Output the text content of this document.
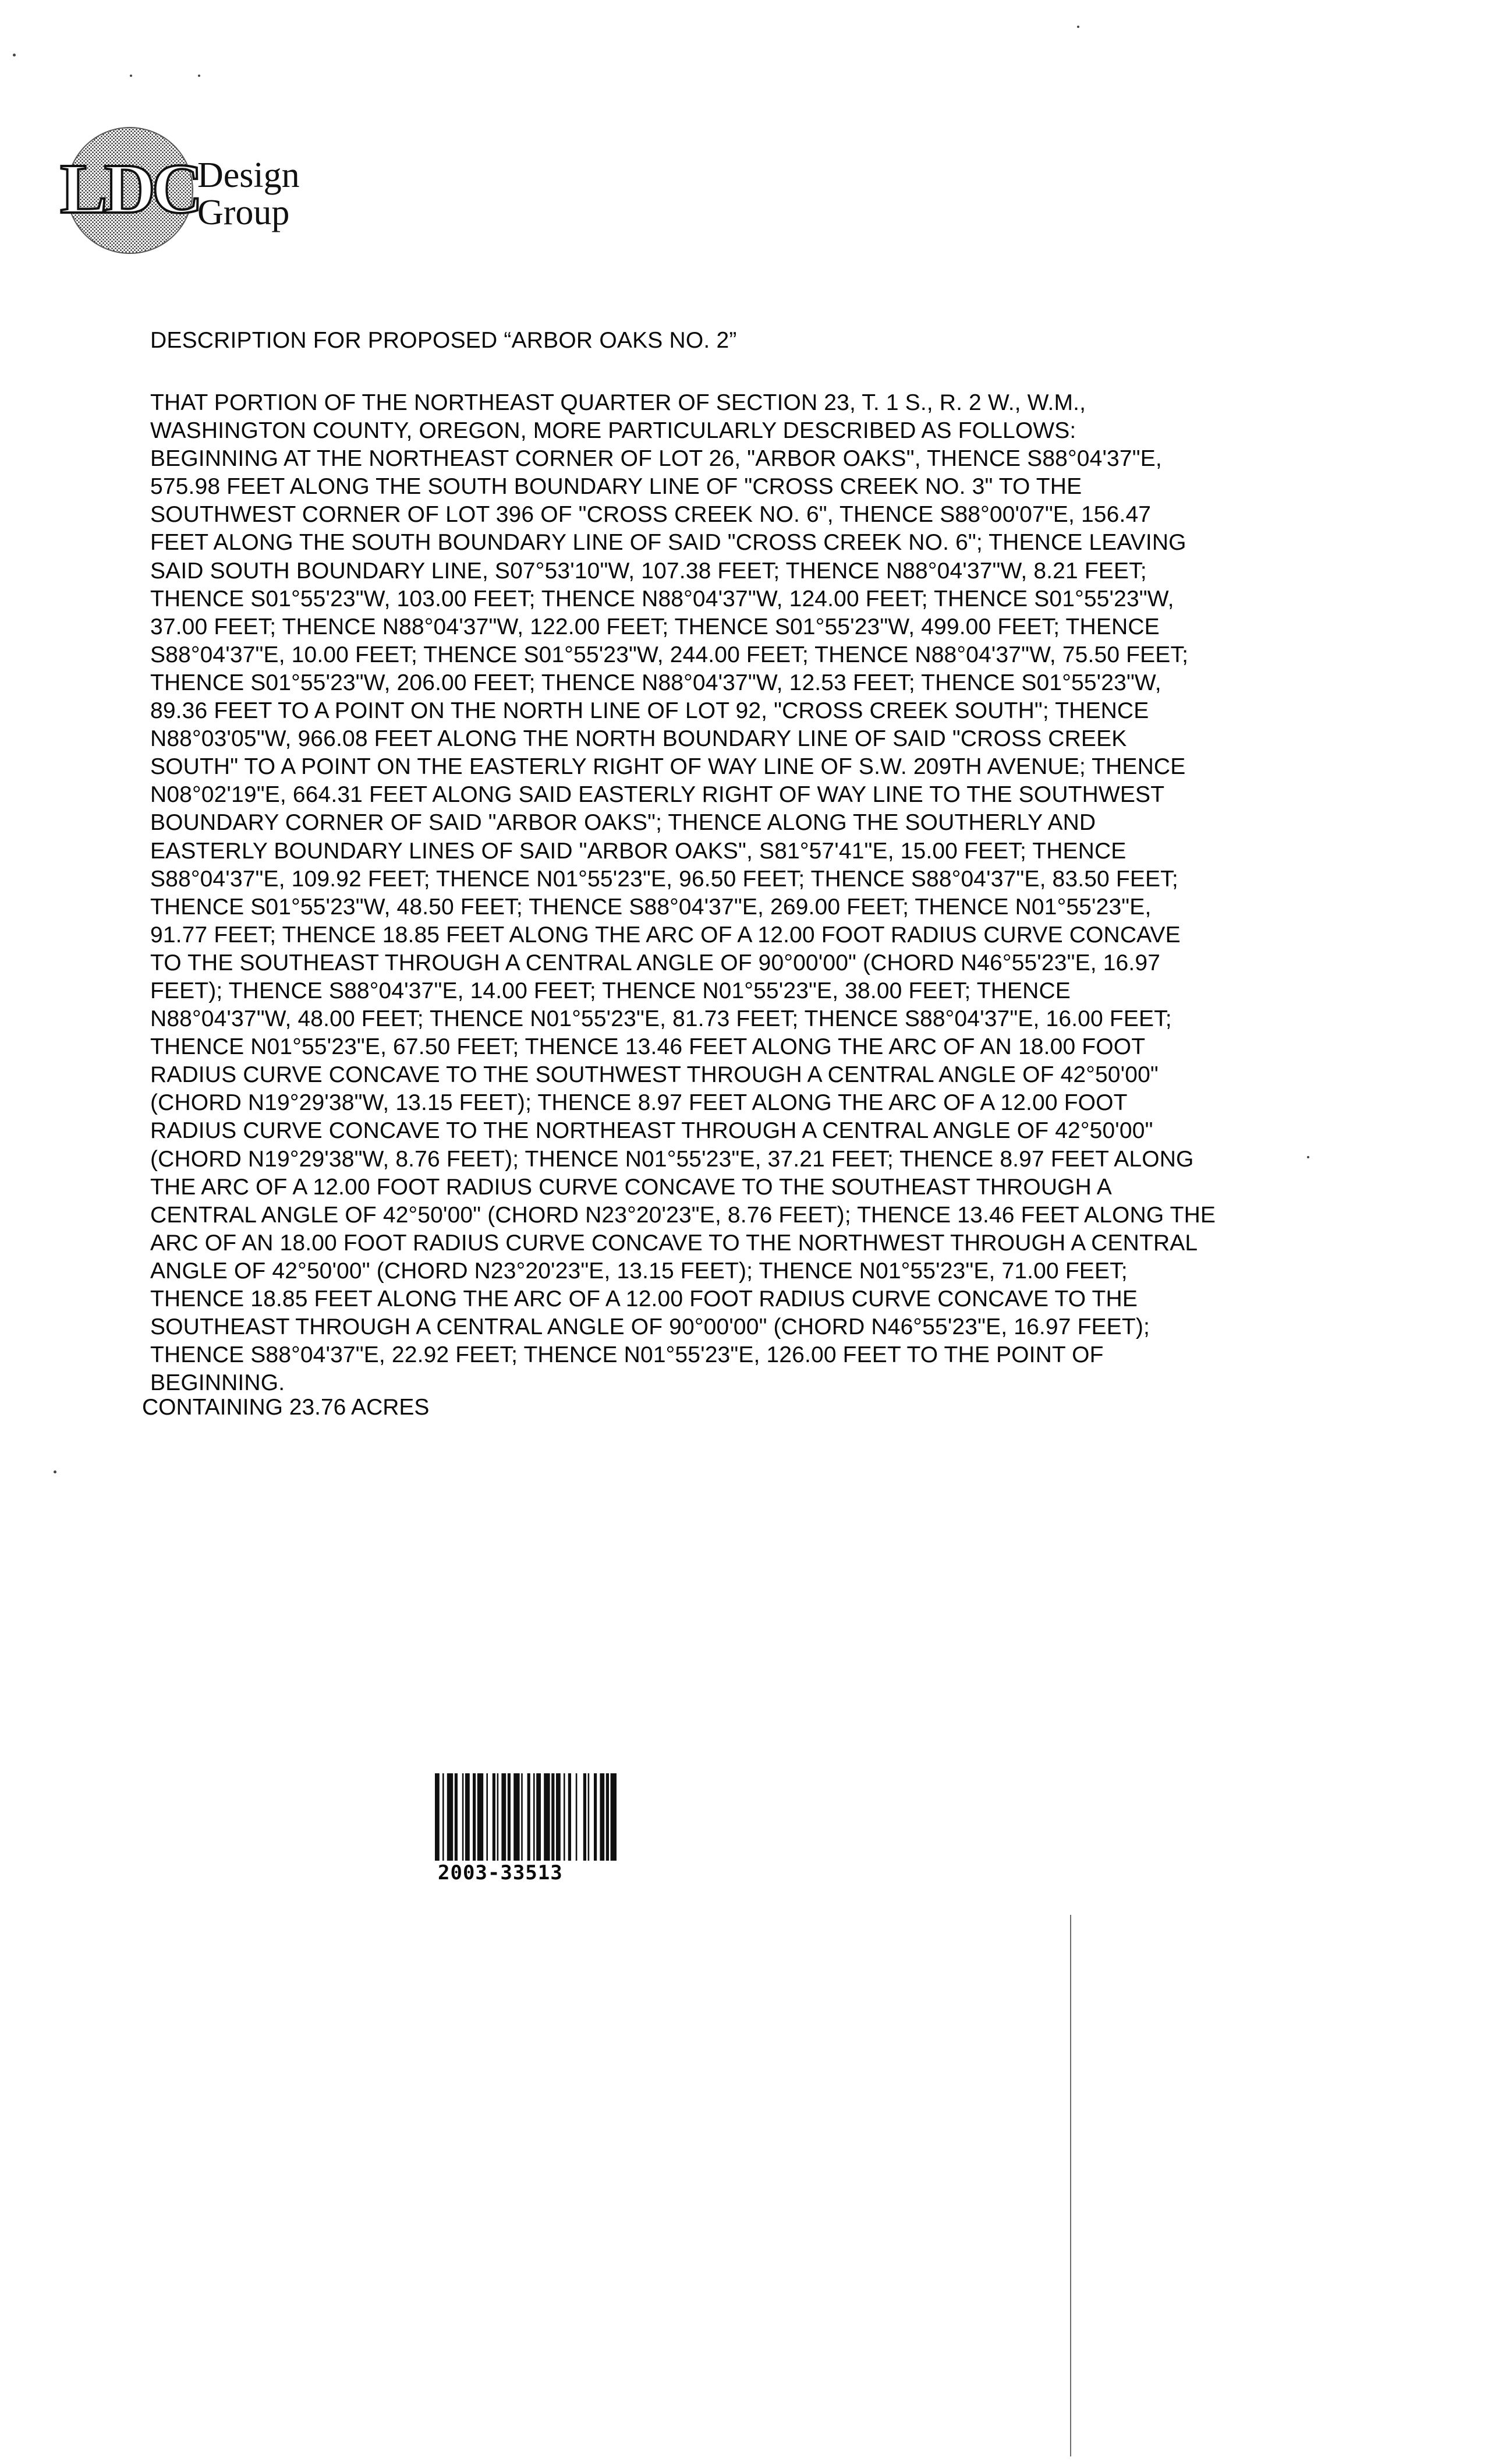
LDC
Design
Group
DESCRIPTION FOR PROPOSED “ARBOR OAKS NO. 2”
THAT PORTION OF THE NORTHEAST QUARTER OF SECTION 23, T. 1 S., R. 2 W., W.M.,
WASHINGTON COUNTY, OREGON, MORE PARTICULARLY DESCRIBED AS FOLLOWS:
BEGINNING AT THE NORTHEAST CORNER OF LOT 26, "ARBOR OAKS", THENCE S88°04'37"E,
575.98 FEET ALONG THE SOUTH BOUNDARY LINE OF "CROSS CREEK NO. 3" TO THE
SOUTHWEST CORNER OF LOT 396 OF "CROSS CREEK NO. 6", THENCE S88°00'07"E, 156.47
FEET ALONG THE SOUTH BOUNDARY LINE OF SAID "CROSS CREEK NO. 6"; THENCE LEAVING
SAID SOUTH BOUNDARY LINE, S07°53'10"W, 107.38 FEET; THENCE N88°04'37"W, 8.21 FEET;
THENCE S01°55'23"W, 103.00 FEET; THENCE N88°04'37"W, 124.00 FEET; THENCE S01°55'23"W,
37.00 FEET; THENCE N88°04'37"W, 122.00 FEET; THENCE S01°55'23"W, 499.00 FEET; THENCE
S88°04'37"E, 10.00 FEET; THENCE S01°55'23"W, 244.00 FEET; THENCE N88°04'37"W, 75.50 FEET;
THENCE S01°55'23"W, 206.00 FEET; THENCE N88°04'37"W, 12.53 FEET; THENCE S01°55'23"W,
89.36 FEET TO A POINT ON THE NORTH LINE OF LOT 92, "CROSS CREEK SOUTH"; THENCE
N88°03'05"W, 966.08 FEET ALONG THE NORTH BOUNDARY LINE OF SAID "CROSS CREEK
SOUTH" TO A POINT ON THE EASTERLY RIGHT OF WAY LINE OF S.W. 209TH AVENUE; THENCE
N08°02'19"E, 664.31 FEET ALONG SAID EASTERLY RIGHT OF WAY LINE TO THE SOUTHWEST
BOUNDARY CORNER OF SAID "ARBOR OAKS"; THENCE ALONG THE SOUTHERLY AND
EASTERLY BOUNDARY LINES OF SAID "ARBOR OAKS", S81°57'41"E, 15.00 FEET; THENCE
S88°04'37"E, 109.92 FEET; THENCE N01°55'23"E, 96.50 FEET; THENCE S88°04'37"E, 83.50 FEET;
THENCE S01°55'23"W, 48.50 FEET; THENCE S88°04'37"E, 269.00 FEET; THENCE N01°55'23"E,
91.77 FEET; THENCE 18.85 FEET ALONG THE ARC OF A 12.00 FOOT RADIUS CURVE CONCAVE
TO THE SOUTHEAST THROUGH A CENTRAL ANGLE OF 90°00'00" (CHORD N46°55'23"E, 16.97
FEET); THENCE S88°04'37"E, 14.00 FEET; THENCE N01°55'23"E, 38.00 FEET; THENCE
N88°04'37"W, 48.00 FEET; THENCE N01°55'23"E, 81.73 FEET; THENCE S88°04'37"E, 16.00 FEET;
THENCE N01°55'23"E, 67.50 FEET; THENCE 13.46 FEET ALONG THE ARC OF AN 18.00 FOOT
RADIUS CURVE CONCAVE TO THE SOUTHWEST THROUGH A CENTRAL ANGLE OF 42°50'00"
(CHORD N19°29'38"W, 13.15 FEET); THENCE 8.97 FEET ALONG THE ARC OF A 12.00 FOOT
RADIUS CURVE CONCAVE TO THE NORTHEAST THROUGH A CENTRAL ANGLE OF 42°50'00"
(CHORD N19°29'38"W, 8.76 FEET); THENCE N01°55'23"E, 37.21 FEET; THENCE 8.97 FEET ALONG
THE ARC OF A 12.00 FOOT RADIUS CURVE CONCAVE TO THE SOUTHEAST THROUGH A
CENTRAL ANGLE OF 42°50'00" (CHORD N23°20'23"E, 8.76 FEET); THENCE 13.46 FEET ALONG THE
ARC OF AN 18.00 FOOT RADIUS CURVE CONCAVE TO THE NORTHWEST THROUGH A CENTRAL
ANGLE OF 42°50'00" (CHORD N23°20'23"E, 13.15 FEET); THENCE N01°55'23"E, 71.00 FEET;
THENCE 18.85 FEET ALONG THE ARC OF A 12.00 FOOT RADIUS CURVE CONCAVE TO THE
SOUTHEAST THROUGH A CENTRAL ANGLE OF 90°00'00" (CHORD N46°55'23"E, 16.97 FEET);
THENCE S88°04'37"E, 22.92 FEET; THENCE N01°55'23"E, 126.00 FEET TO THE POINT OF
BEGINNING.
CONTAINING 23.76 ACRES
2003-33513
